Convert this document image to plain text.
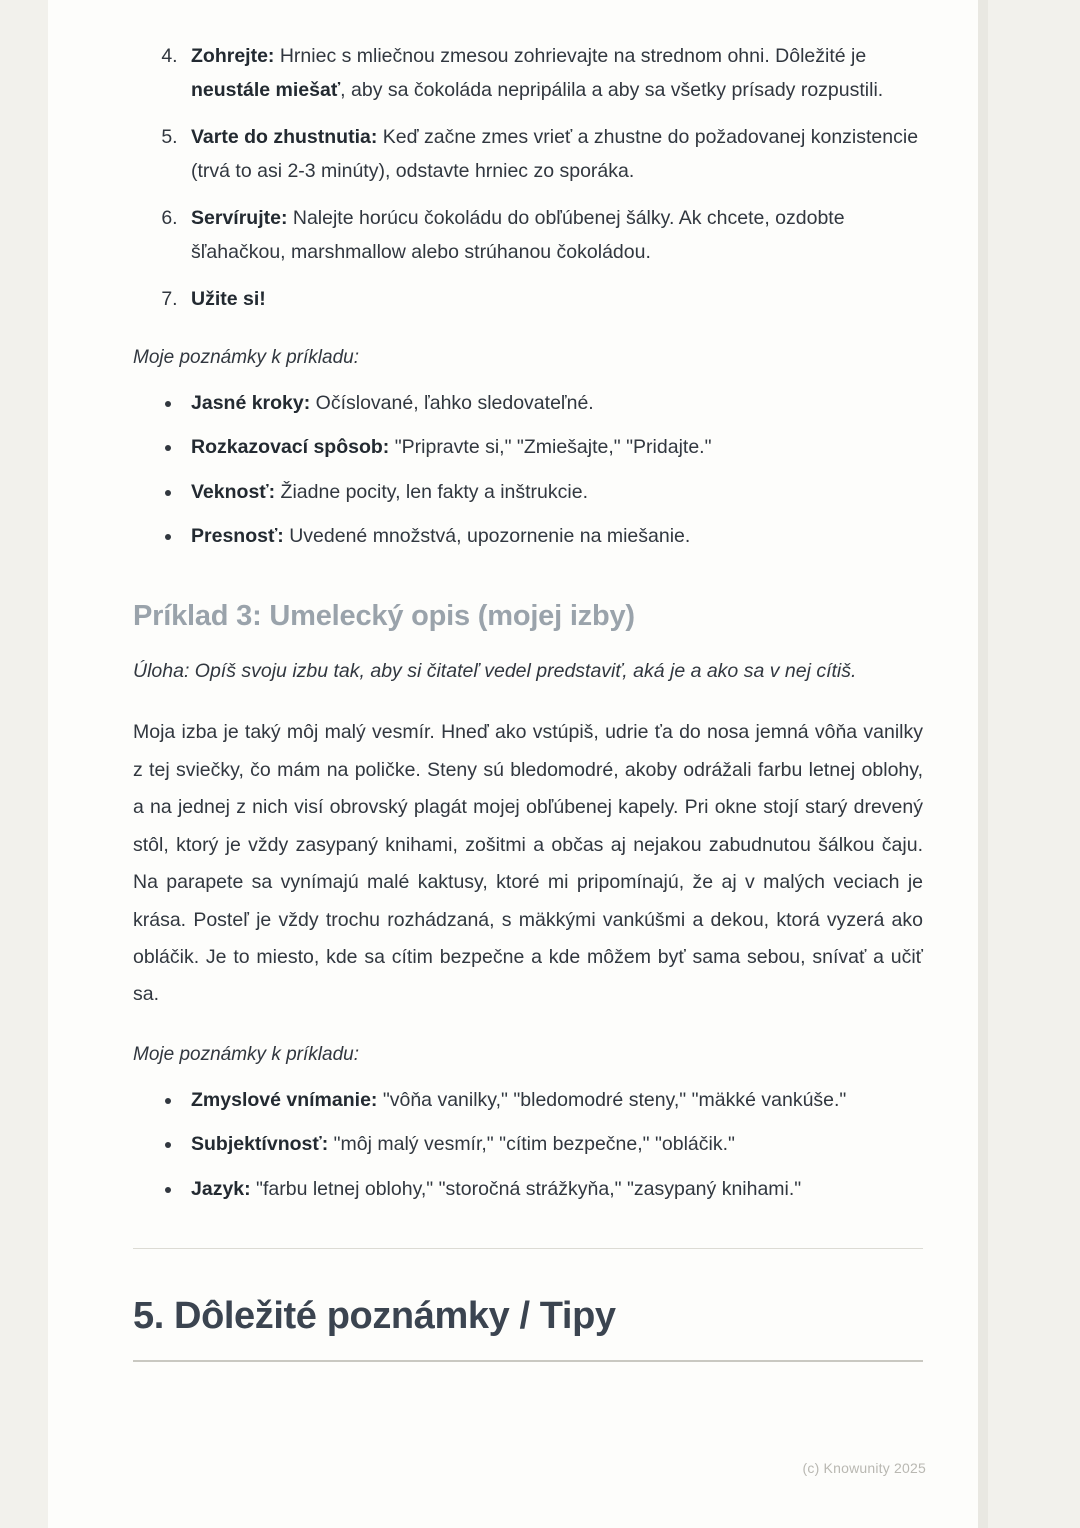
4. Zohrejte: Hrniec s mliečnou zmesou zohrievajte na strednom ohni. Dôležité je neustále miešať, aby sa čokoláda nepripálila a aby sa všetky prísady rozpustili.
5. Varte do zhustnutia: Keď začne zmes vrieť a zhustne do požadovanej konzistencie (trvá to asi 2-3 minúty), odstavte hrniec zo sporáka.
6. Servírujte: Nalejte horúcu čokoládu do obľúbenej šálky. Ak chcete, ozdobte šľahačkou, marshmallow alebo strúhanou čokoládou.
7. Užite si!

Moje poznámky k príkladu:

• Jasné kroky: Očíslované, ľahko sledovateľné.
• Rozkazovací spôsob: "Pripravte si," "Zmiešajte," "Pridajte."
• Veknosť: Žiadne pocity, len fakty a inštrukcie.
• Presnosť: Uvedené množstvá, upozornenie na miešanie.
Príklad 3: Umelecký opis (mojej izby)

Úloha: Opíš svoju izbu tak, aby si čitateľ vedel predstaviť, aká je a ako sa v nej cítiš.

Moja izba je taký môj malý vesmír. Hneď ako vstúpiš, udrie ťa do nosa jemná vôňa vanilky z tej sviečky, čo mám na poličke. Steny sú bledomodré, akoby odrážali farbu letnej oblohy, a na jednej z nich visí obrovský plagát mojej obľúbenej kapely. Pri okne stojí starý drevený stôl, ktorý je vždy zasypaný knihami, zošitmi a občas aj nejakou zabudnutou šálkou čaju. Na parapete sa vynímajú malé kaktusy, ktoré mi pripomínajú, že aj v malých veciach je krása. Posteľ je vždy trochu rozhádzaná, s mäkkými vankúšmi a dekou, ktorá vyzerá ako obláčik. Je to miesto, kde sa cítim bezpečne a kde môžem byť sama sebou, snívať a učiť sa.

Moje poznámky k príkladu:

• Zmyslové vnímanie: "vôňa vanilky," "bledomodré steny," "mäkké vankúše."
• Subjektívnosť: "môj malý vesmír," "cítim bezpečne," "obláčik."
• Jazyk: "farbu letnej oblohy," "storočná strážkyňa," "zasypaný knihami."
5. Dôležité poznámky / Tipy
(c) Knowunity 2025
